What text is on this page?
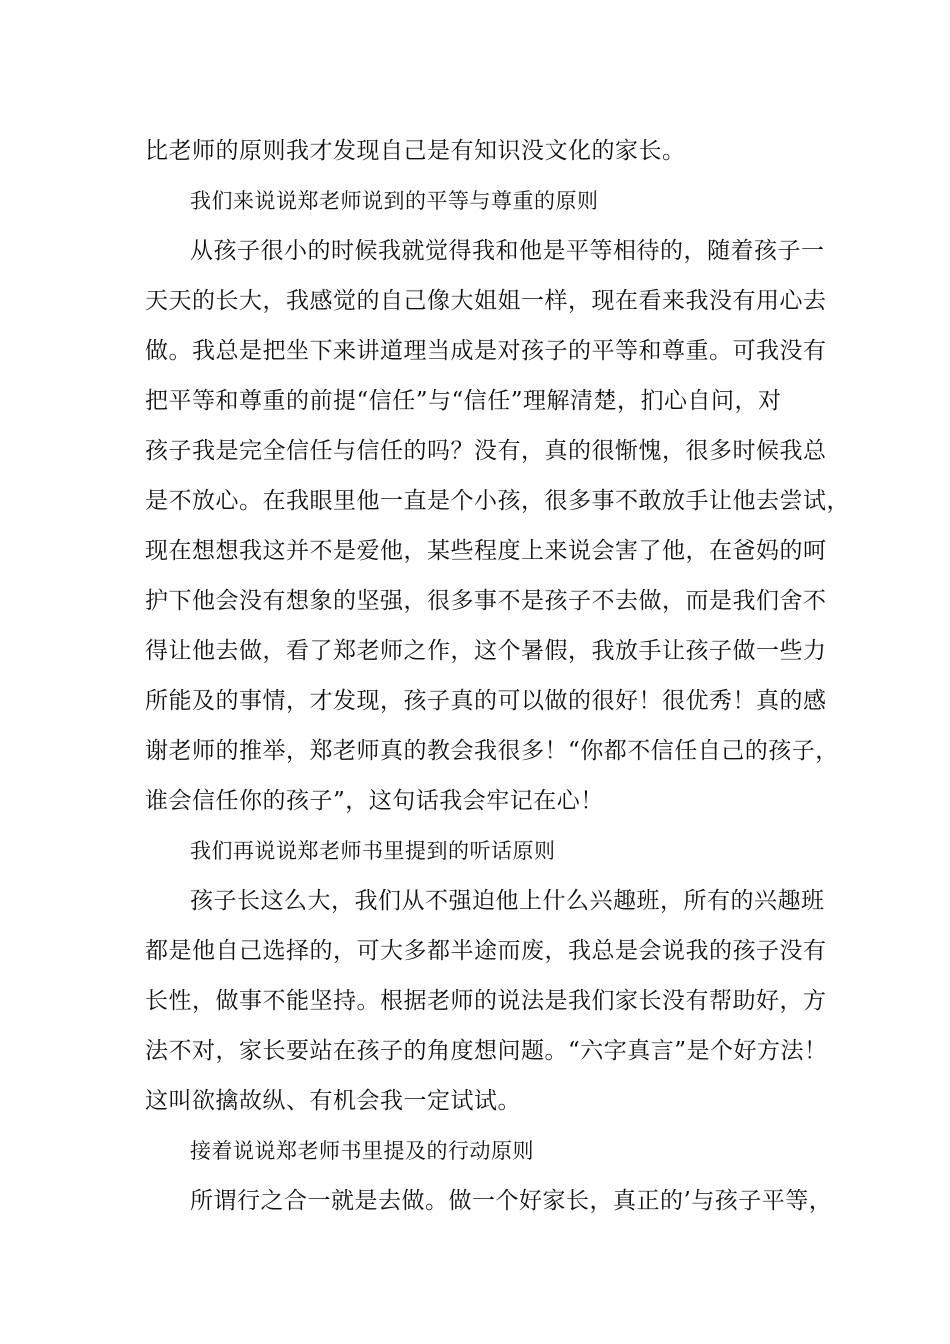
比老师的原则我才发现自己是有知识没文化的家长。
我们来说说郑老师说到的平等与尊重的原则
从孩子很小的时候我就觉得我和他是平等相待的，随着孩子一
天天的长大，我感觉的自己像大姐姐一样，现在看来我没有用心去
做。我总是把坐下来讲道理当成是对孩子的平等和尊重。可我没有
把平等和尊重的前提“信任”与“信任”理解清楚，扪心自问，对
孩子我是完全信任与信任的吗？没有，真的很惭愧，很多时候我总
是不放心。在我眼里他一直是个小孩，很多事不敢放手让他去尝试，
现在想想我这并不是爱他，某些程度上来说会害了他，在爸妈的呵
护下他会没有想象的坚强，很多事不是孩子不去做，而是我们舍不
得让他去做，看了郑老师之作，这个暑假，我放手让孩子做一些力
所能及的事情，才发现，孩子真的可以做的很好！很优秀！真的感
谢老师的推举，郑老师真的教会我很多！“你都不信任自己的孩子，
谁会信任你的孩子”，这句话我会牢记在心！
我们再说说郑老师书里提到的听话原则
孩子长这么大，我们从不强迫他上什么兴趣班，所有的兴趣班
都是他自己选择的，可大多都半途而废，我总是会说我的孩子没有
长性，做事不能坚持。根据老师的说法是我们家长没有帮助好，方
法不对，家长要站在孩子的角度想问题。“六字真言”是个好方法！
这叫欲擒故纵、有机会我一定试试。
接着说说郑老师书里提及的行动原则
所谓行之合一就是去做。做一个好家长，真正的’与孩子平等，
